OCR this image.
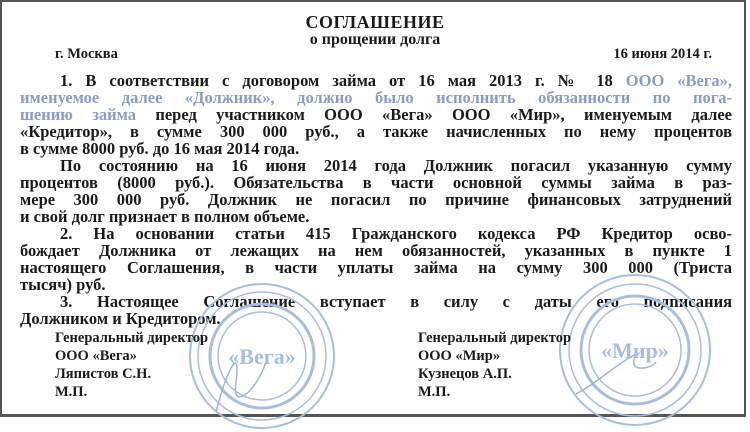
СОГЛАШЕНИЕ
о прощении долга
г. Москва	16 июня 2014 г.
1. В соответствии с договором займа от 16 мая 2013 г. № 18 ООО «Вега»,
именуемое далее «Должник», должно было исполнить обязанности по пога-
шению займа перед участником ООО «Вега» ООО «Мир», именуемым далее
«Кредитор», в сумме 300 000 руб., а также начисленных по нему процентов
в сумме 8000 руб. до 16 мая 2014 года.
По состоянию на 16 июня 2014 года Должник погасил указанную сумму
процентов (8000 руб.). Обязательства в части основной суммы займа в раз-
мере 300 000 руб. Должник не погасил по причине финансовых затруднений
и свой долг признает в полном объеме.
2. На основании статьи 415 Гражданского кодекса РФ Кредитор осво-
бождает Должника от лежащих на нем обязанностей, указанных в пункте 1
настоящего Соглашения, в части уплаты займа на сумму 300 000 (Триста
тысяч) руб.
3. Настоящее Соглашение вступает в силу с даты его подписания
Должником и Кредитором.
«Вега»	«Мир»
Генеральный директор
ООО «Вега»
Ляпистов С.Н.
М.П.
Генеральный директор
ООО «Мир»
Кузнецов А.П.
М.П.
